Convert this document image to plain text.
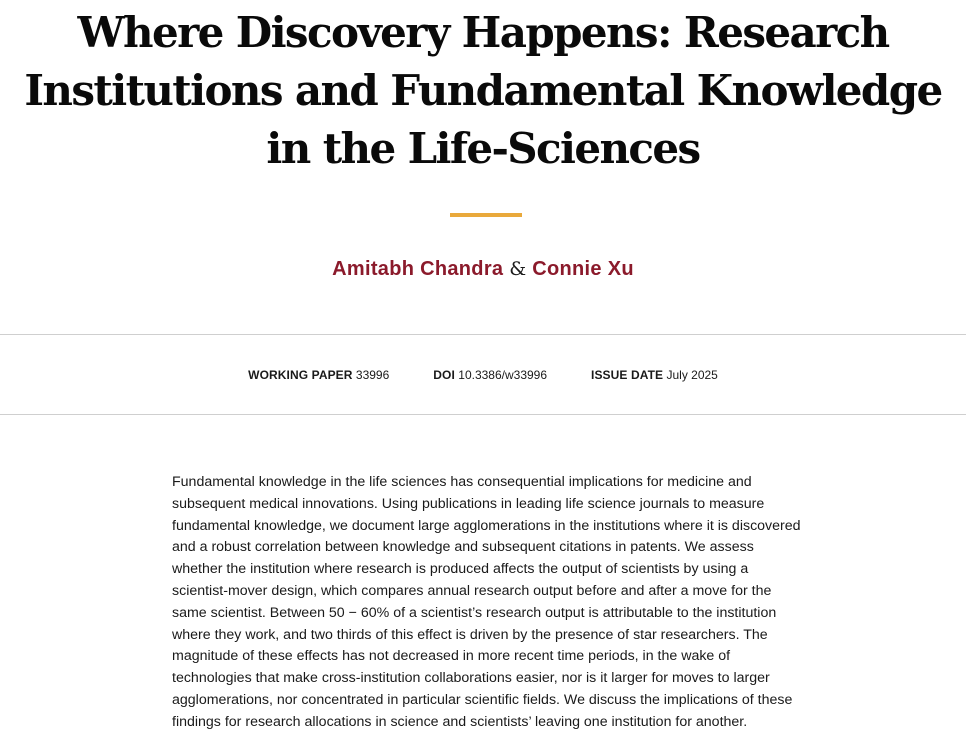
Where Discovery Happens: Research Institutions and Fundamental Knowledge in the Life-Sciences
Amitabh Chandra & Connie Xu
WORKING PAPER 33996	DOI 10.3386/w33996	ISSUE DATE July 2025

Fundamental knowledge in the life sciences has consequential implications for medicine and subsequent medical innovations. Using publications in leading life science journals to measure fundamental knowledge, we document large agglomerations in the institutions where it is discovered and a robust correlation between knowledge and subsequent citations in patents. We assess whether the institution where research is produced affects the output of scientists by using a scientist-mover design, which compares annual research output before and after a move for the same scientist. Between 50 − 60% of a scientist’s research output is attributable to the institution where they work, and two thirds of this effect is driven by the presence of star researchers. The magnitude of these effects has not decreased in more recent time periods, in the wake of technologies that make cross-institution collaborations easier, nor is it larger for moves to larger agglomerations, nor concentrated in particular scientific fields. We discuss the implications of these findings for research allocations in science and scientists’ leaving one institution for another.
